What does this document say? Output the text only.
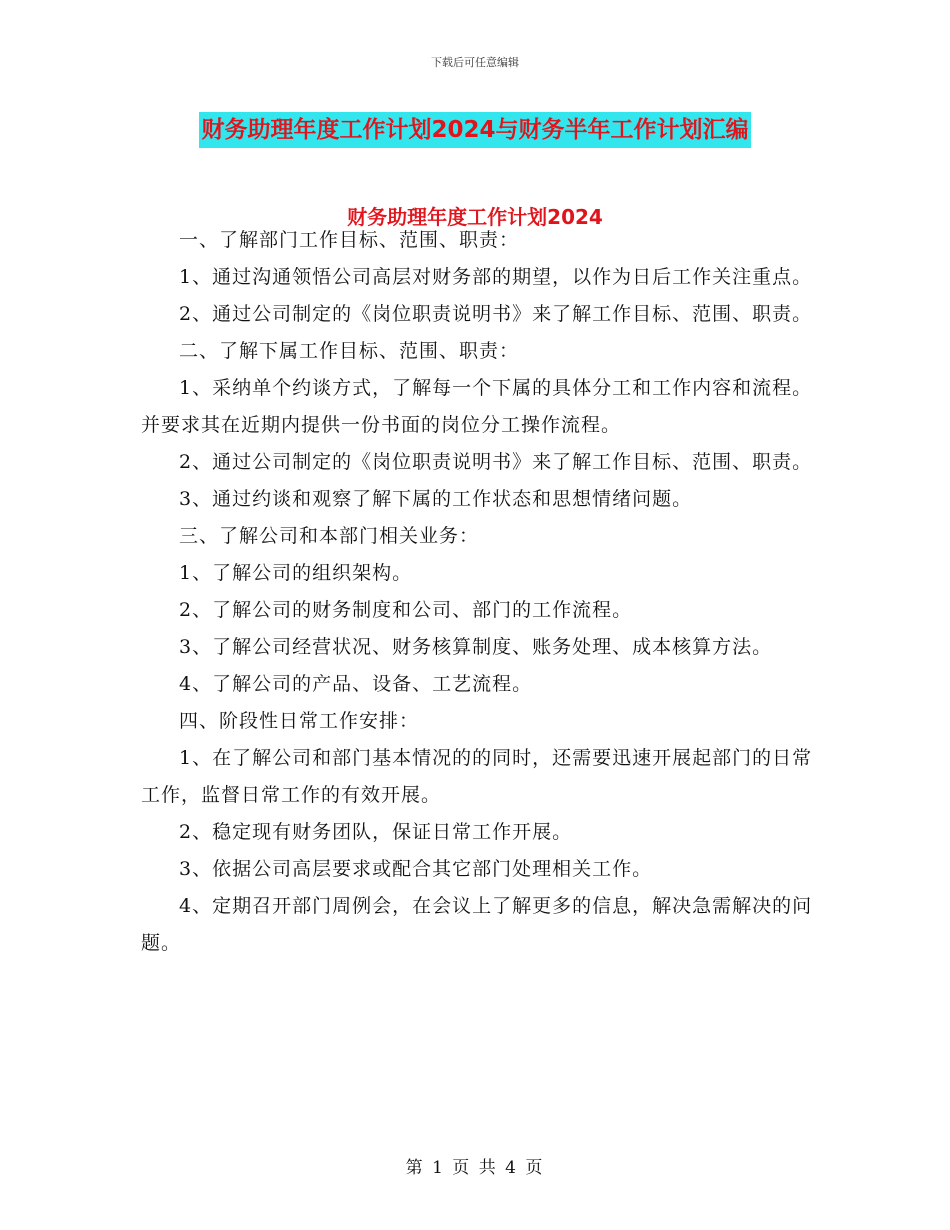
下载后可任意编辑
财务助理年度工作计划2024与财务半年工作计划汇编
财务助理年度工作计划2024

一、了解部门工作目标、范围、职责：

1、通过沟通领悟公司高层对财务部的期望，以作为日后工作关注重点。

2、通过公司制定的《岗位职责说明书》来了解工作目标、范围、职责。

二、了解下属工作目标、范围、职责：

1、采纳单个约谈方式，了解每一个下属的具体分工和工作内容和流程。并要求其在近期内提供一份书面的岗位分工操作流程。

2、通过公司制定的《岗位职责说明书》来了解工作目标、范围、职责。

3、通过约谈和观察了解下属的工作状态和思想情绪问题。

三、了解公司和本部门相关业务：

1、了解公司的组织架构。

2、了解公司的财务制度和公司、部门的工作流程。

3、了解公司经营状况、财务核算制度、账务处理、成本核算方法。

4、了解公司的产品、设备、工艺流程。

四、阶段性日常工作安排：

1、在了解公司和部门基本情况的的同时，还需要迅速开展起部门的日常工作，监督日常工作的有效开展。

2、稳定现有财务团队，保证日常工作开展。

3、依据公司高层要求或配合其它部门处理相关工作。

4、定期召开部门周例会，在会议上了解更多的信息，解决急需解决的问题。

第 1 页 共 4 页
